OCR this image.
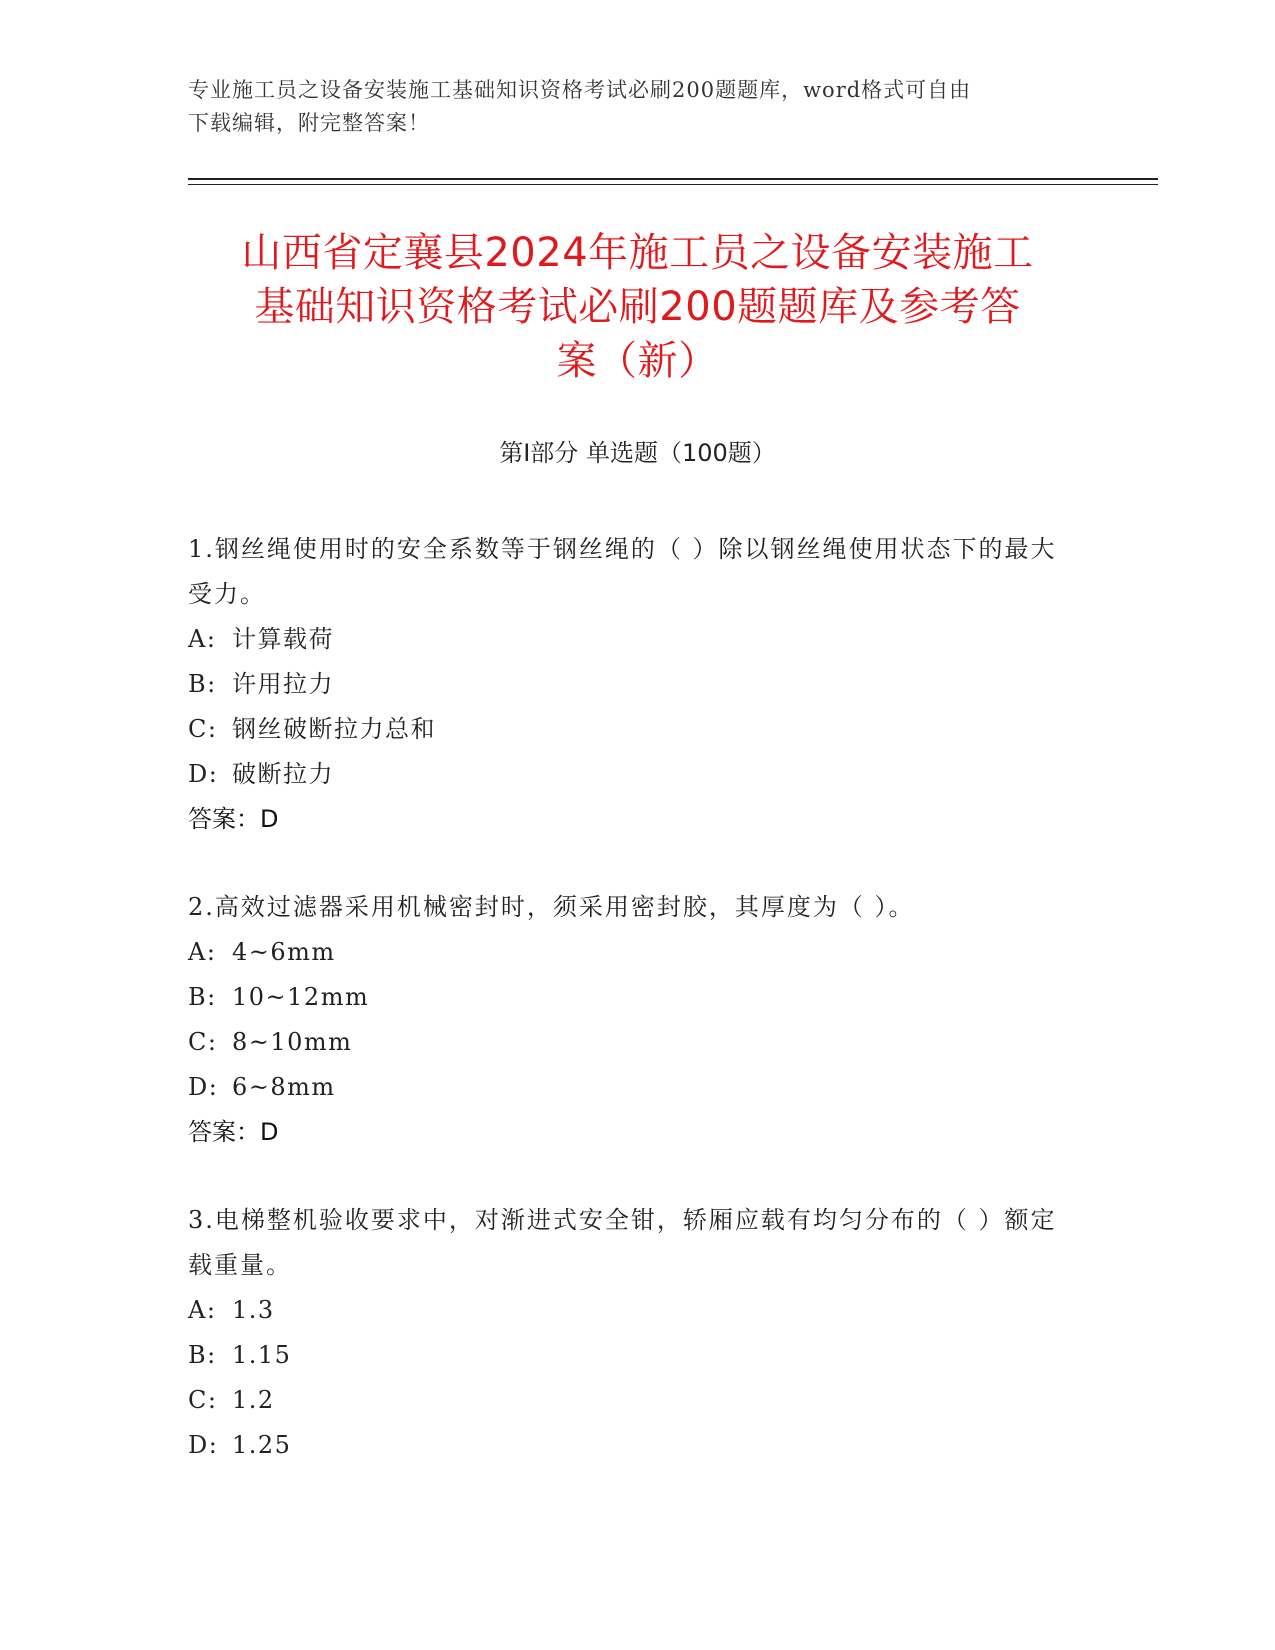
专业施工员之设备安装施工基础知识资格考试必刷200题题库，word格式可自由
下载编辑，附完整答案！
山西省定襄县2024年施工员之设备安装施工
基础知识资格考试必刷200题题库及参考答
案（新）
第I部分 单选题（100题）
1.钢丝绳使用时的安全系数等于钢丝绳的（ ）除以钢丝绳使用状态下的最大受力。
A: 计算载荷
B: 许用拉力
C: 钢丝破断拉力总和
D: 破断拉力
答案：D
2.高效过滤器采用机械密封时，须采用密封胶，其厚度为（ ）。
A: 4~6mm
B: 10~12mm
C: 8~10mm
D: 6~8mm
答案：D
3.电梯整机验收要求中，对渐进式安全钳，轿厢应载有均匀分布的（ ）额定载重量。
A: 1.3
B: 1.15
C: 1.2
D: 1.25
